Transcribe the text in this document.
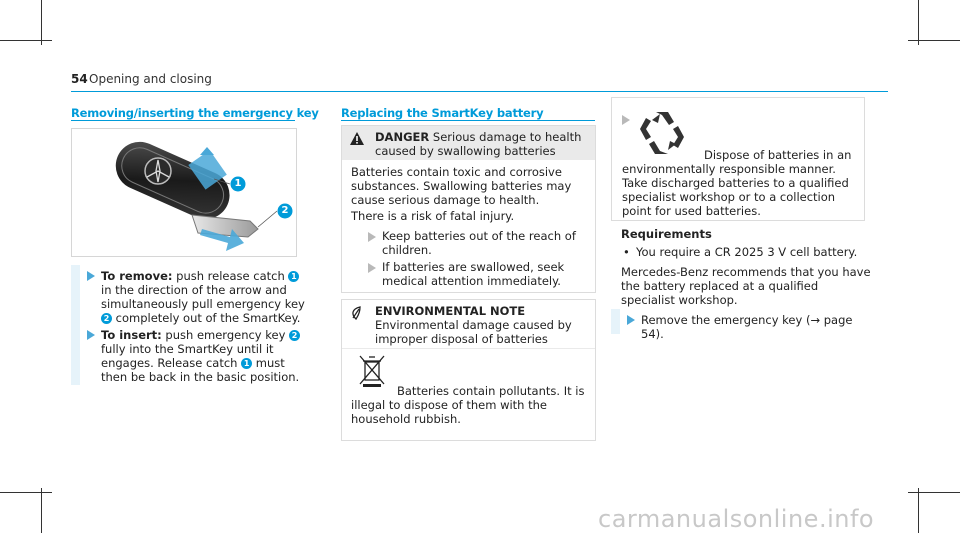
54 Opening and closing
Removing/inserting the emergency key
1
2
To remove: push release catch 1 in the direction of the arrow and simultaneously pull emergency key 2 completely out of the SmartKey.
To insert: push emergency key 2 fully into the SmartKey until it engages. Release catch 1 must then be back in the basic position.
Replacing the SmartKey battery
DANGER Serious damage to health caused by swallowing batteries
Batteries contain toxic and corrosive substances. Swallowing batteries may cause serious damage to health.
There is a risk of fatal injury.
Keep batteries out of the reach of children.
If batteries are swallowed, seek medical attention immediately.
ENVIRONMENTAL NOTE Environmental damage caused by improper disposal of batteries
Batteries contain pollutants. It is illegal to dispose of them with the household rubbish.
Dispose of batteries in an environmentally responsible manner. Take discharged batteries to a qualified specialist workshop or to a collection point for used batteries.
Requirements
• You require a CR 2025 3 V cell battery.
Mercedes-Benz recommends that you have the battery replaced at a qualified specialist workshop.
Remove the emergency key (→ page 54).
carmanualsonline.info
